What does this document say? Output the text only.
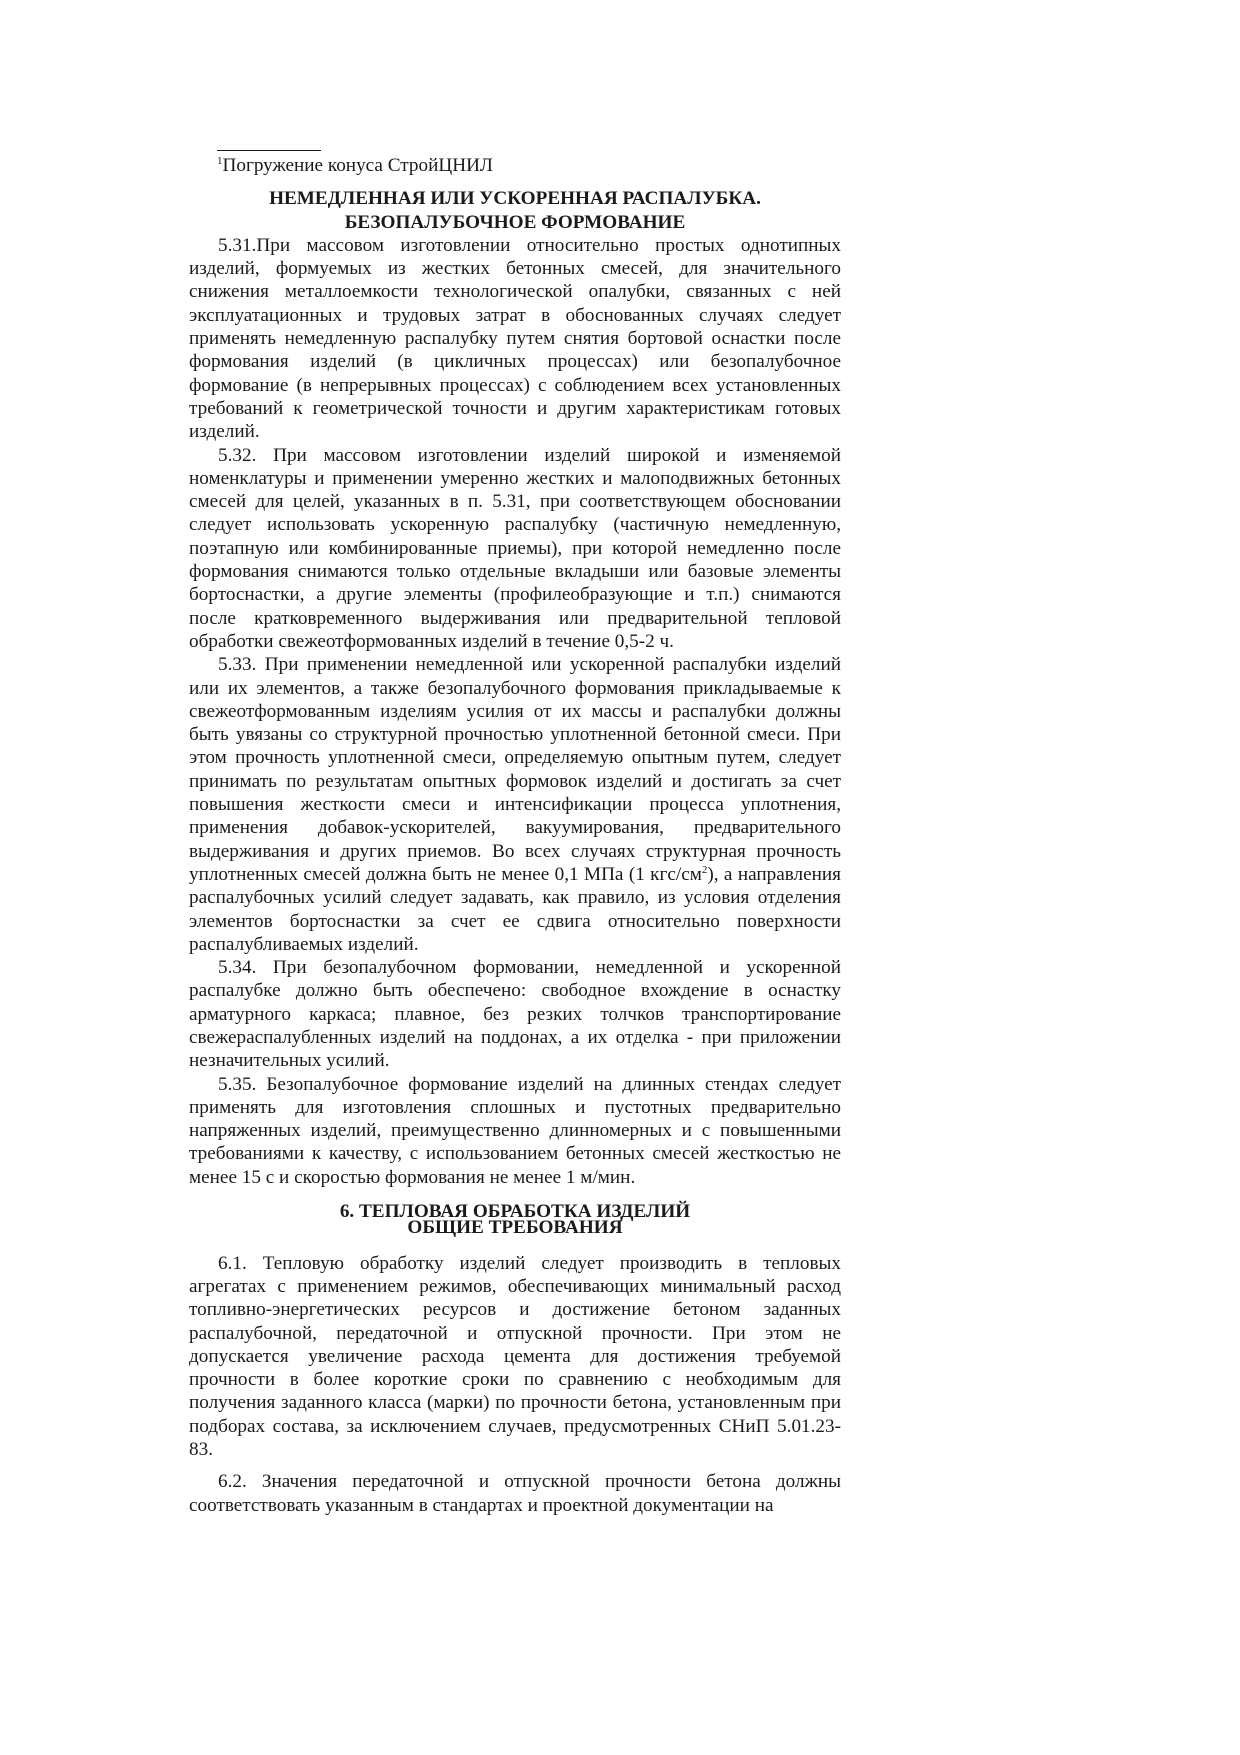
$^1$Погружение конуса СтройЦНИЛ
НЕМЕДЛЕННАЯ ИЛИ УСКОРЕННАЯ РАСПАЛУБКА.
БЕЗОПАЛУБОЧНОЕ ФОРМОВАНИЕ

5.31.При массовом изготовлении относительно простых однотипных изделий, формуемых из жестких бетонных смесей, для значительного снижения металлоемкости технологической опалубки, связанных с ней эксплуатационных и трудовых затрат в обоснованных случаях следует применять немедленную распалубку путем снятия бортовой оснастки после формования изделий (в цикличных процессах) или безопалубочное формование (в непрерывных процессах) с соблюдением всех установленных требований к геометрической точности и другим характеристикам готовых изделий.

5.32. При массовом изготовлении изделий широкой и изменяемой номенклатуры и применении умеренно жестких и малоподвижных бетонных смесей для целей, указанных в п. 5.31, при соответствующем обосновании следует использовать ускоренную распалубку (частичную немедленную, поэтапную или комбинированные приемы), при которой немедленно после формования снимаются только отдельные вкладыши или базовые элементы бортоснастки, а другие элементы (профилеобразующие и т.п.) снимаются после кратковременного выдерживания или предварительной тепловой обработки свежеотформованных изделий в течение 0,5-2 ч.

5.33. При применении немедленной или ускоренной распалубки изделий или их элементов, а также безопалубочного формования прикладываемые к свежеотформованным изделиям усилия от их массы и распалубки должны быть увязаны со структурной прочностью уплотненной бетонной смеси. При этом прочность уплотненной смеси, определяемую опытным путем, следует принимать по результатам опытных формовок изделий и достигать за счет повышения жесткости смеси и интенсификации процесса уплотнения, применения добавок-ускорителей, вакуумирования, предварительного выдерживания и других приемов. Во всех случаях структурная прочность уплотненных смесей должна быть не менее 0,1 МПа (1 кгс/$см^2$), а направления распалубочных усилий следует задавать, как правило, из условия отделения элементов бортоснастки за счет ее сдвига относительно поверхности распалубливаемых изделий.

5.34. При безопалубочном формовании, немедленной и ускоренной распалубке должно быть обеспечено: свободное вхождение в оснастку арматурного каркаса; плавное, без резких толчков транспортирование свежераспалубленных изделий на поддонах, а их отделка - при приложении незначительных усилий.

5.35. Безопалубочное формование изделий на длинных стендах следует применять для изготовления сплошных и пустотных предварительно напряженных изделий, преимущественно длинномерных и с повышенными требованиями к качеству, с использованием бетонных смесей жесткостью не менее 15 с и скоростью формования не менее 1 м/мин.

6. ТЕПЛОВАЯ ОБРАБОТКА ИЗДЕЛИЙ
ОБЩИЕ ТРЕБОВАНИЯ

6.1. Тепловую обработку изделий следует производить в тепловых агрегатах с применением режимов, обеспечивающих минимальный расход топливно-энергетических ресурсов и достижение бетоном заданных распалубочной, передаточной и отпускной прочности. При этом не допускается увеличение расхода цемента для достижения требуемой прочности в более короткие сроки по сравнению с необходимым для получения заданного класса (марки) по прочности бетона, установленным при подборах состава, за исключением случаев, предусмотренных СНиП 5.01.23-83.

6.2. Значения передаточной и отпускной прочности бетона должны соответствовать указанным в стандартах и проектной документации на
